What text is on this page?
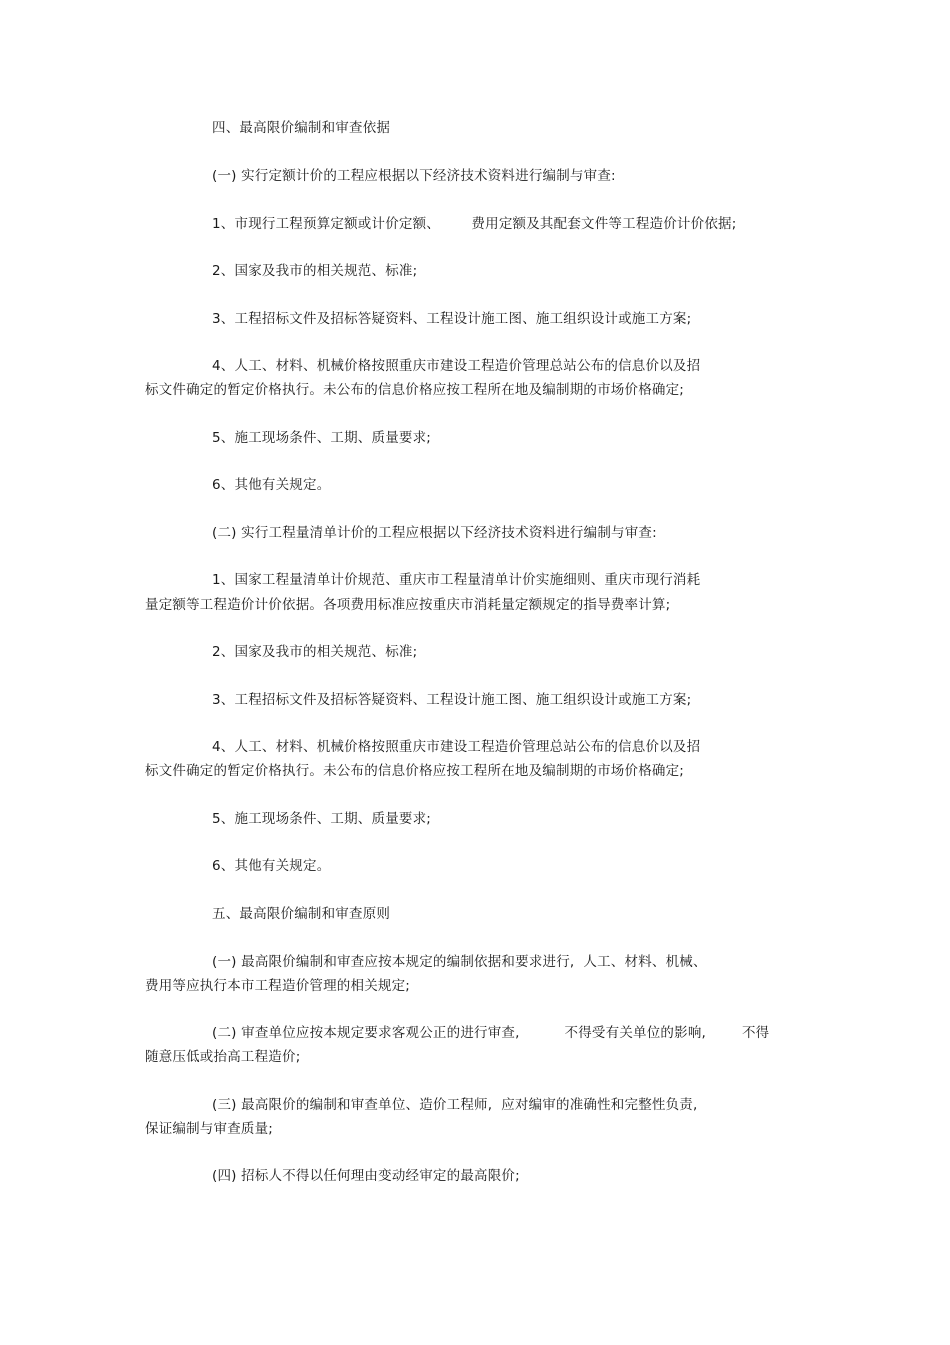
四、最高限价编制和审查依据
(一) 实行定额计价的工程应根据以下经济技术资料进行编制与审查:
1、市现行工程预算定额或计价定额、       费用定额及其配套文件等工程造价计价依据;
2、国家及我市的相关规范、标准;
3、工程招标文件及招标答疑资料、工程设计施工图、施工组织设计或施工方案;
4、人工、材料、机械价格按照重庆市建设工程造价管理总站公布的信息价以及招
标文件确定的暂定价格执行。未公布的信息价格应按工程所在地及编制期的市场价格确定;
5、施工现场条件、工期、质量要求;
6、其他有关规定。
(二) 实行工程量清单计价的工程应根据以下经济技术资料进行编制与审查:
1、国家工程量清单计价规范、重庆市工程量清单计价实施细则、重庆市现行消耗
量定额等工程造价计价依据。各项费用标准应按重庆市消耗量定额规定的指导费率计算;
2、国家及我市的相关规范、标准;
3、工程招标文件及招标答疑资料、工程设计施工图、施工组织设计或施工方案;
4、人工、材料、机械价格按照重庆市建设工程造价管理总站公布的信息价以及招
标文件确定的暂定价格执行。未公布的信息价格应按工程所在地及编制期的市场价格确定;
5、施工现场条件、工期、质量要求;
6、其他有关规定。
五、最高限价编制和审查原则
(一) 最高限价编制和审查应按本规定的编制依据和要求进行,  人工、材料、机械、
费用等应执行本市工程造价管理的相关规定;
(二) 审查单位应按本规定要求客观公正的进行审查,          不得受有关单位的影响,        不得
随意压低或抬高工程造价;
(三) 最高限价的编制和审查单位、造价工程师,  应对编审的准确性和完整性负责,
保证编制与审查质量;
(四) 招标人不得以任何理由变动经审定的最高限价;
